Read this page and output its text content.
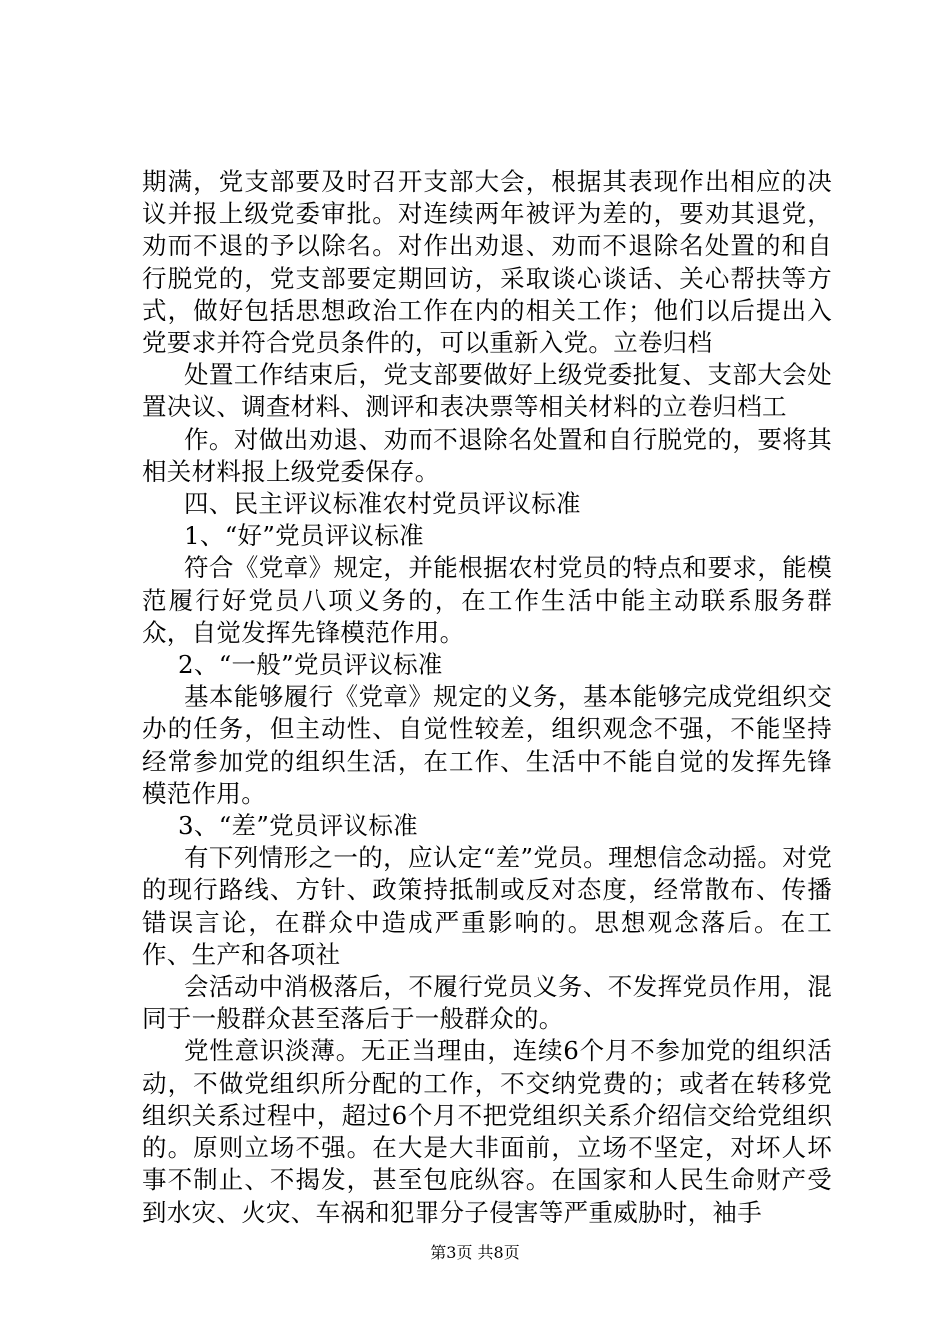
期满，党支部要及时召开支部大会，根据其表现作出相应的决议并报上级党委审批。对连续两年被评为差的，要劝其退党，劝而不退的予以除名。对作出劝退、劝而不退除名处置的和自行脱党的，党支部要定期回访，采取谈心谈话、关心帮扶等方式，做好包括思想政治工作在内的相关工作；他们以后提出入党要求并符合党员条件的，可以重新入党。立卷归档

处置工作结束后，党支部要做好上级党委批复、支部大会处置决议、调查材料、测评和表决票等相关材料的立卷归档工

作。对做出劝退、劝而不退除名处置和自行脱党的，要将其相关材料报上级党委保存。

四、民主评议标准农村党员评议标准

1、“好”党员评议标准

符合《党章》规定，并能根据农村党员的特点和要求，能模范履行好党员八项义务的，在工作生活中能主动联系服务群众，自觉发挥先锋模范作用。

2、“一般”党员评议标准

基本能够履行《党章》规定的义务，基本能够完成党组织交办的任务，但主动性、自觉性较差，组织观念不强，不能坚持经常参加党的组织生活，在工作、生活中不能自觉的发挥先锋模范作用。

3、“差”党员评议标准

有下列情形之一的，应认定“差”党员。理想信念动摇。对党的现行路线、方针、政策持抵制或反对态度，经常散布、传播错误言论，在群众中造成严重影响的。思想观念落后。在工作、生产和各项社

会活动中消极落后，不履行党员义务、不发挥党员作用，混同于一般群众甚至落后于一般群众的。

党性意识淡薄。无正当理由，连续6个月不参加党的组织活动，不做党组织所分配的工作，不交纳党费的；或者在转移党组织关系过程中，超过6个月不把党组织关系介绍信交给党组织的。原则立场不强。在大是大非面前，立场不坚定，对坏人坏事不制止、不揭发，甚至包庇纵容。在国家和人民生命财产受到水灾、火灾、车祸和犯罪分子侵害等严重威胁时，袖手

第3页 共8页
